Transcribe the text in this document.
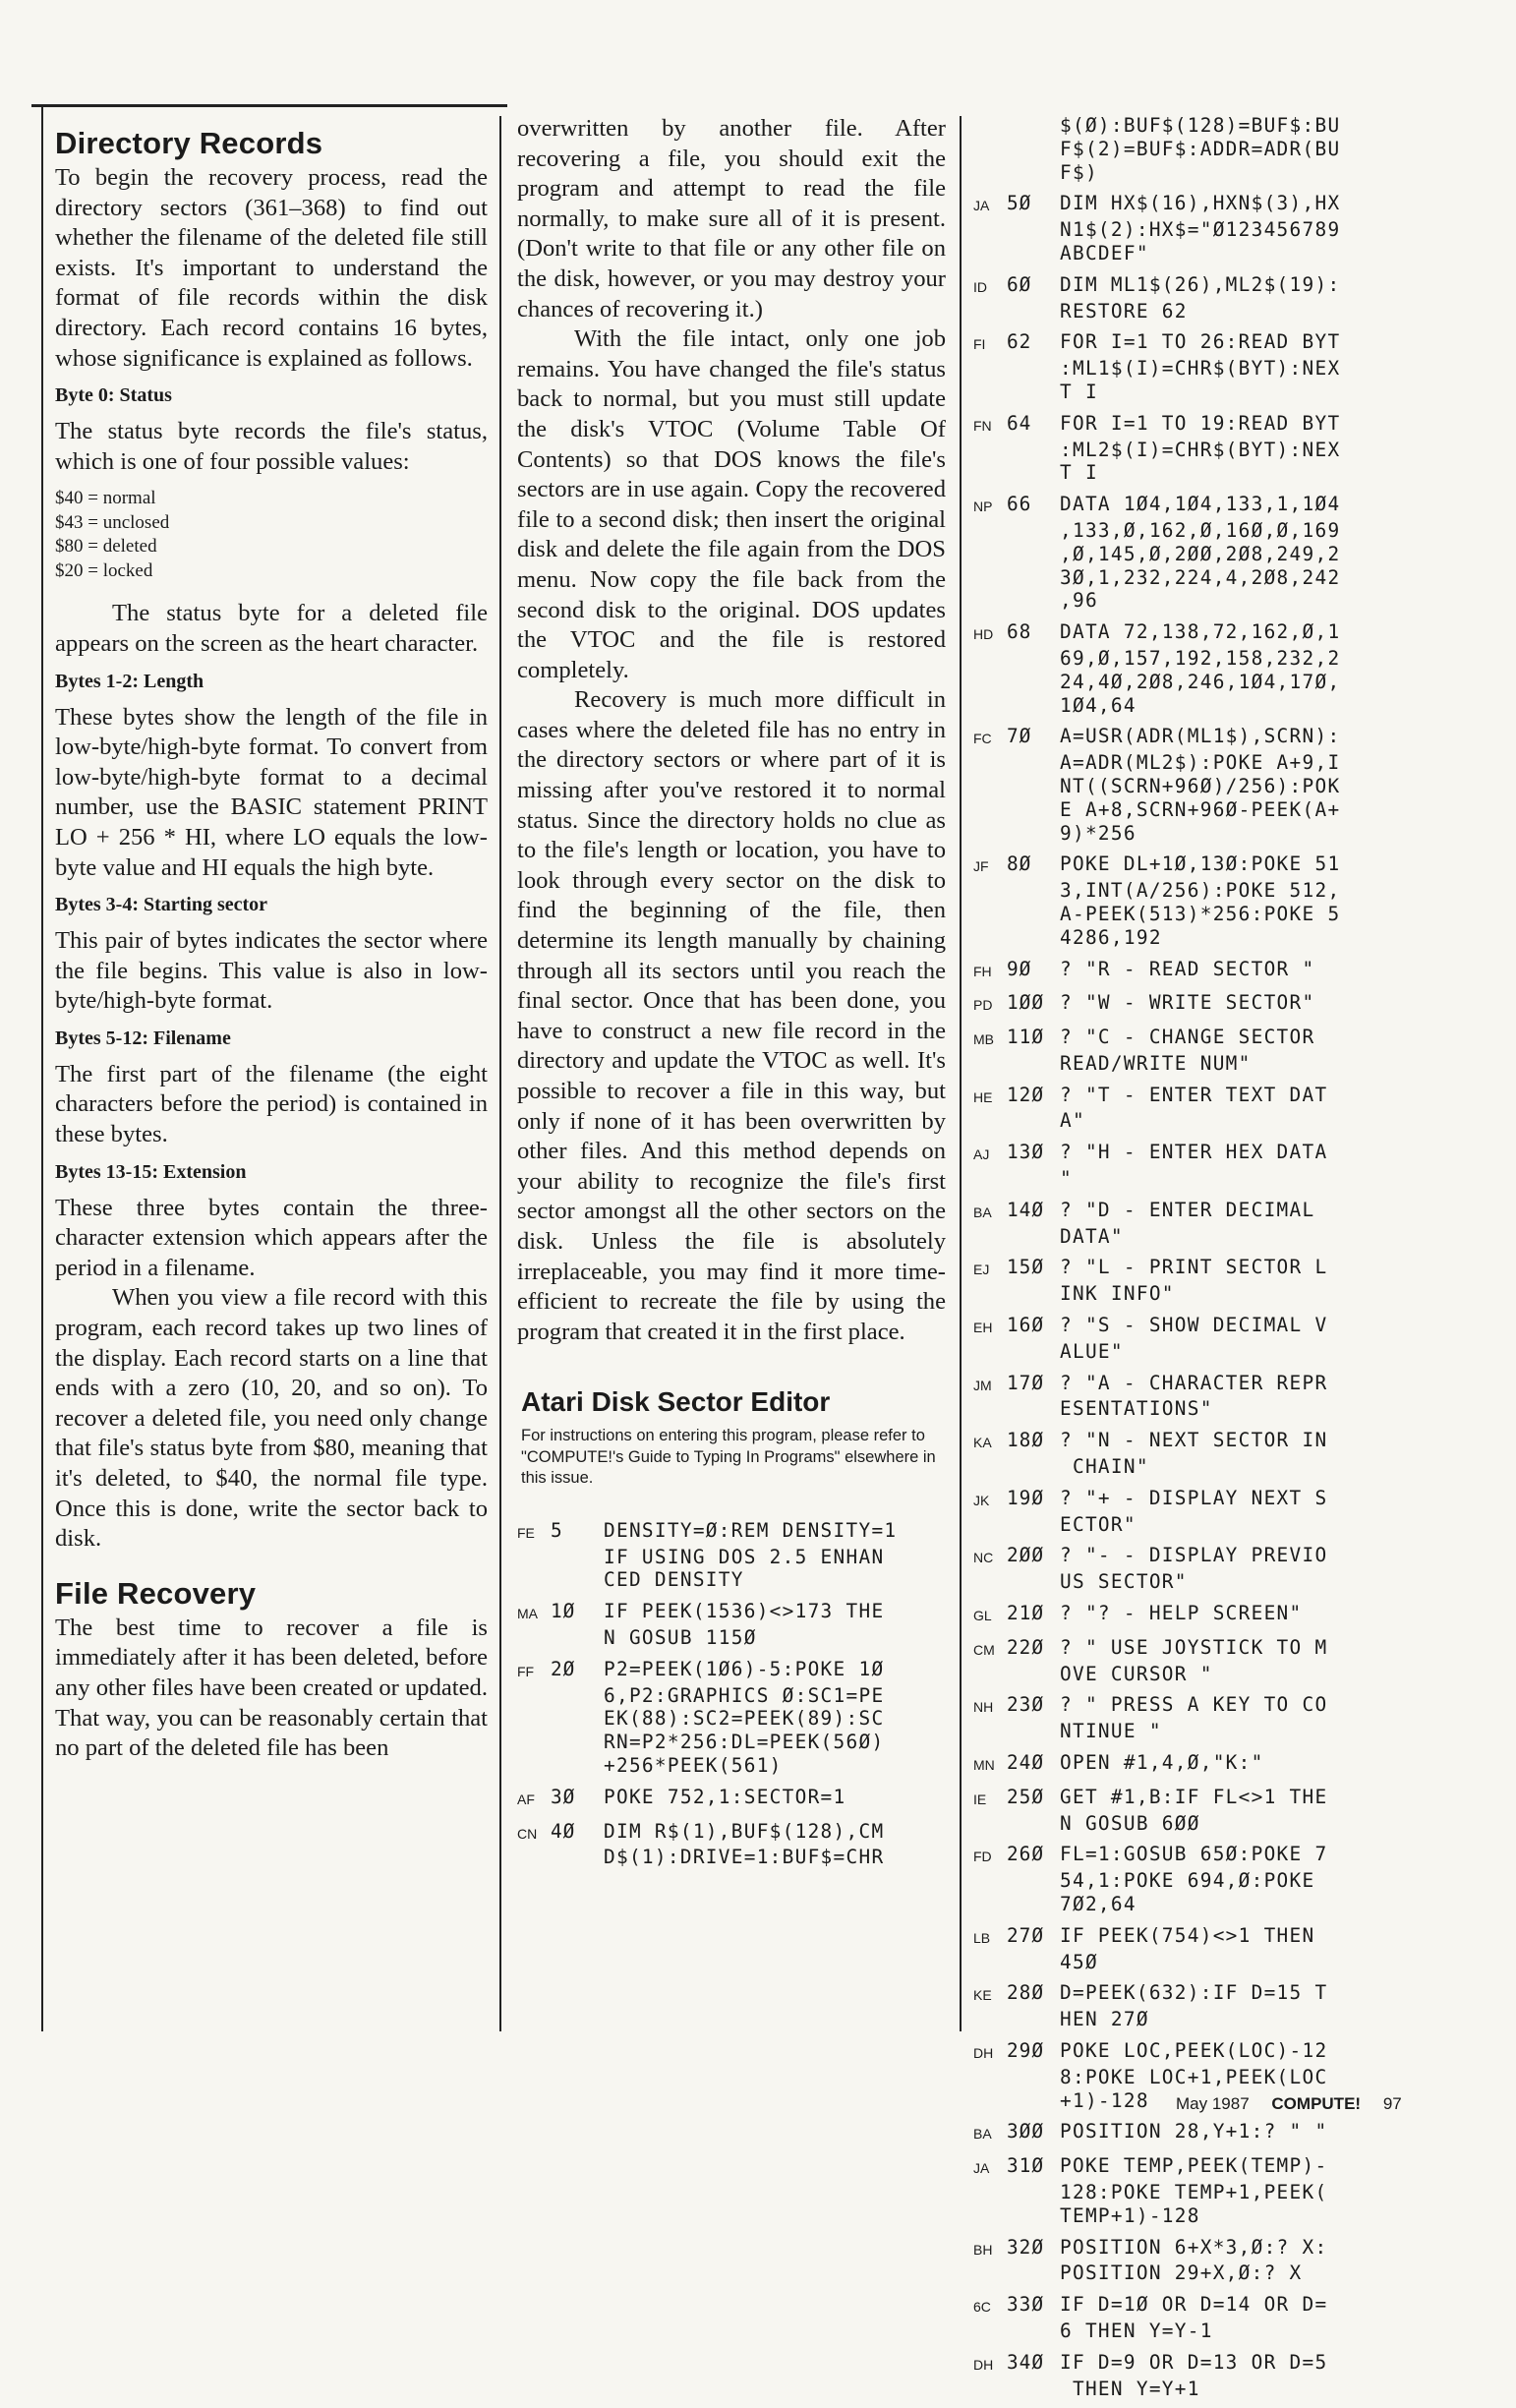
Directory Records

To begin the recovery process, read the directory sectors (361–368) to find out whether the filename of the deleted file still exists. It's important to understand the format of file records within the disk directory. Each record contains 16 bytes, whose significance is explained as follows.

Byte 0: Status

The status byte records the file's status, which is one of four possible values:

$40 = normal
$43 = unclosed
$80 = deleted
$20 = locked

The status byte for a deleted file appears on the screen as the heart character.

Bytes 1-2: Length

These bytes show the length of the file in low-byte/high-byte format. To convert from low-byte/high-byte format to a decimal number, use the BASIC statement PRINT LO + 256 * HI, where LO equals the low-byte value and HI equals the high byte.

Bytes 3-4: Starting sector

This pair of bytes indicates the sector where the file begins. This value is also in low-byte/high-byte format.

Bytes 5-12: Filename

The first part of the filename (the eight characters before the period) is contained in these bytes.

Bytes 13-15: Extension

These three bytes contain the three-character extension which appears after the period in a filename.

When you view a file record with this program, each record takes up two lines of the display. Each record starts on a line that ends with a zero (10, 20, and so on). To recover a deleted file, you need only change that file's status byte from $80, meaning that it's deleted, to $40, the normal file type. Once this is done, write the sector back to disk.

File Recovery

The best time to recover a file is immediately after it has been deleted, before any other files have been created or updated. That way, you can be reasonably certain that no part of the deleted file has been

overwritten by another file. After recovering a file, you should exit the program and attempt to read the file normally, to make sure all of it is present. (Don't write to that file or any other file on the disk, however, or you may destroy your chances of recovering it.)

With the file intact, only one job remains. You have changed the file's status back to normal, but you must still update the disk's VTOC (Volume Table Of Contents) so that DOS knows the file's sectors are in use again. Copy the recovered file to a second disk; then insert the original disk and delete the file again from the DOS menu. Now copy the file back from the second disk to the original. DOS updates the VTOC and the file is restored completely.

Recovery is much more difficult in cases where the deleted file has no entry in the directory sectors or where part of it is missing after you've restored it to normal status. Since the directory holds no clue as to the file's length or location, you have to look through every sector on the disk to find the beginning of the file, then determine its length manually by chaining through all its sectors until you reach the final sector. Once that has been done, you have to construct a new file record in the directory and update the VTOC as well. It's possible to recover a file in this way, but only if none of it has been overwritten by other files. And this method depends on your ability to recognize the file's first sector amongst all the other sectors on the disk. Unless the file is absolutely irreplaceable, you may find it more time-efficient to recreate the file by using the program that created it in the first place.

Atari Disk Sector Editor
For instructions on entering this program, please refer to "COMPUTE!'s Guide to Typing In Programs" elsewhere in this issue.
FE 5	DENSITY=Ø:REM DENSITY=1
IF USING DOS 2.5 ENHAN
CED DENSITY
MA 1Ø	IF PEEK(1536)<>173 THE
N GOSUB 115Ø
FF 2Ø	P2=PEEK(1Ø6)-5:POKE 1Ø
6,P2:GRAPHICS Ø:SC1=PE
EK(88):SC2=PEEK(89):SC
RN=P2*256:DL=PEEK(56Ø)
+256*PEEK(561)
AF 3Ø	POKE 752,1:SECTOR=1
CN 4Ø	DIM R$(1),BUF$(128),CM
D$(1):DRIVE=1:BUF$=CHR
$(Ø):BUF$(128)=BUF$:BU
F$(2)=BUF$:ADDR=ADR(BU
F$)
JA 5Ø	DIM HX$(16),HXN$(3),HX
N1$(2):HX$="Ø123456789
ABCDEF"
ID	6Ø	DIM ML1$(26),ML2$(19):
RESTORE 62
FI	62	FOR I=1 TO 26:READ BYT
:ML1$(I)=CHR$(BYT):NEX
T I
FN 64	FOR I=1 TO 19:READ BYT
:ML2$(I)=CHR$(BYT):NEX
T I
NP 66	DATA 1Ø4,1Ø4,133,1,1Ø4
,133,Ø,162,Ø,16Ø,Ø,169
,Ø,145,Ø,2ØØ,2Ø8,249,2
3Ø,1,232,224,4,2Ø8,242
,96
HD 68	DATA 72,138,72,162,Ø,1
69,Ø,157,192,158,232,2
24,4Ø,2Ø8,246,1Ø4,17Ø,
1Ø4,64
FC 7Ø	A=USR(ADR(ML1$),SCRN):
A=ADR(ML2$):POKE A+9,I
NT((SCRN+96Ø)/256):POK
E A+8,SCRN+96Ø-PEEK(A+
9)*256
JF 8Ø	POKE DL+1Ø,13Ø:POKE 51
3,INT(A/256):POKE 512,
A-PEEK(513)*256:POKE 5
4286,192
FH 9Ø	? "R - READ SECTOR "
PD 1ØØ ? "W - WRITE SECTOR"
MB 11Ø ? "C - CHANGE SECTOR
READ/WRITE NUM"
HE 12Ø ? "T - ENTER TEXT DAT
A"
AJ 13Ø ? "H - ENTER HEX DATA
"
BA 14Ø ? "D - ENTER DECIMAL
DATA"
EJ 15Ø ? "L - PRINT SECTOR L
INK INFO"
EH 16Ø ? "S - SHOW DECIMAL V
ALUE"
JM 17Ø ? "A - CHARACTER REPR
ESENTATIONS"
KA 18Ø ? "N - NEXT SECTOR IN
CHAIN"
JK 19Ø ? "+ - DISPLAY NEXT S
ECTOR"
NC 2ØØ ? "- - DISPLAY PREVIO
US SECTOR"
GL 21Ø ? "? - HELP SCREEN"
CM 22Ø ? " USE JOYSTICK TO M
OVE CURSOR "
NH 23Ø ? " PRESS A KEY TO CO
NTINUE "
MN 24Ø OPEN #1,4,Ø,"K:"
IE	25Ø GET #1,B:IF FL<>1 THE
N GOSUB 6ØØ
FD 26Ø FL=1:GOSUB 65Ø:POKE 7
54,1:POKE 694,Ø:POKE
7Ø2,64
LB 27Ø IF PEEK(754)<>1 THEN
45Ø
KE 28Ø D=PEEK(632):IF D=15 T
HEN 27Ø
DH 29Ø POKE LOC,PEEK(LOC)-12
8:POKE LOC+1,PEEK(LOC
+1)-128
BA 3ØØ POSITION 28,Y+1:? " "
JA 31Ø POKE TEMP,PEEK(TEMP)-
128:POKE TEMP+1,PEEK(
TEMP+1)-128
BH 32Ø POSITION 6+X*3,Ø:? X:
POSITION 29+X,Ø:? X
6C 33Ø IF D=1Ø OR D=14 OR D=
6 THEN Y=Y-1
DH 34Ø IF D=9 OR D=13 OR D=5
THEN Y=Y+1
May 1987 COMPUTE! 97
